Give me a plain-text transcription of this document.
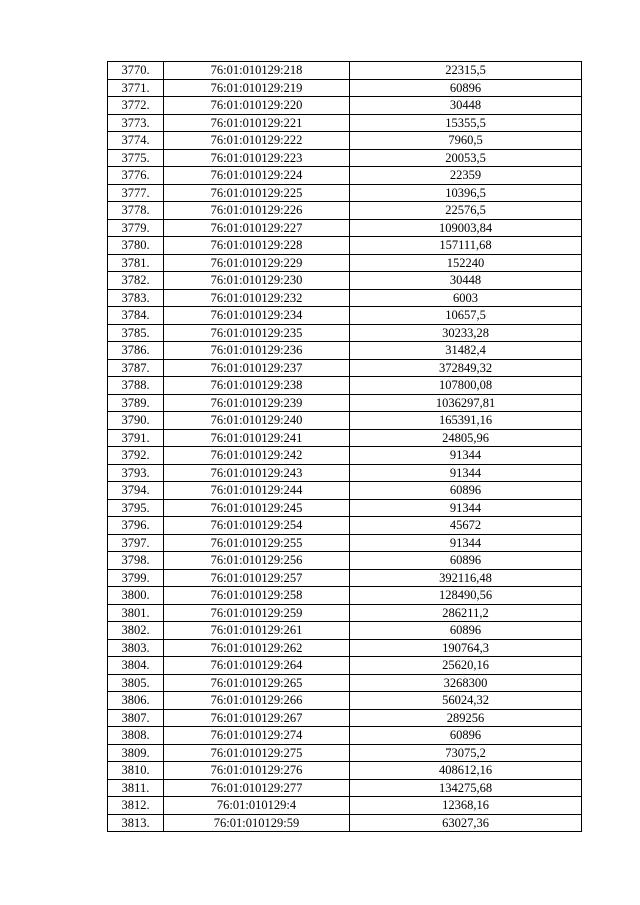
3770.	76:01:010129:218	22315,5
3771.	76:01:010129:219	60896
3772.	76:01:010129:220	30448
3773.	76:01:010129:221	15355,5
3774.	76:01:010129:222	7960,5
3775.	76:01:010129:223	20053,5
3776.	76:01:010129:224	22359
3777.	76:01:010129:225	10396,5
3778.	76:01:010129:226	22576,5
3779.	76:01:010129:227	109003,84
3780.	76:01:010129:228	157111,68
3781.	76:01:010129:229	152240
3782.	76:01:010129:230	30448
3783.	76:01:010129:232	6003
3784.	76:01:010129:234	10657,5
3785.	76:01:010129:235	30233,28
3786.	76:01:010129:236	31482,4
3787.	76:01:010129:237	372849,32
3788.	76:01:010129:238	107800,08
3789.	76:01:010129:239	1036297,81
3790.	76:01:010129:240	165391,16
3791.	76:01:010129:241	24805,96
3792.	76:01:010129:242	91344
3793.	76:01:010129:243	91344
3794.	76:01:010129:244	60896
3795.	76:01:010129:245	91344
3796.	76:01:010129:254	45672
3797.	76:01:010129:255	91344
3798.	76:01:010129:256	60896
3799.	76:01:010129:257	392116,48
3800.	76:01:010129:258	128490,56
3801.	76:01:010129:259	286211,2
3802.	76:01:010129:261	60896
3803.	76:01:010129:262	190764,3
3804.	76:01:010129:264	25620,16
3805.	76:01:010129:265	3268300
3806.	76:01:010129:266	56024,32
3807.	76:01:010129:267	289256
3808.	76:01:010129:274	60896
3809.	76:01:010129:275	73075,2
3810.	76:01:010129:276	408612,16
3811.	76:01:010129:277	134275,68
3812.	76:01:010129:4	12368,16
3813.	76:01:010129:59	63027,36
